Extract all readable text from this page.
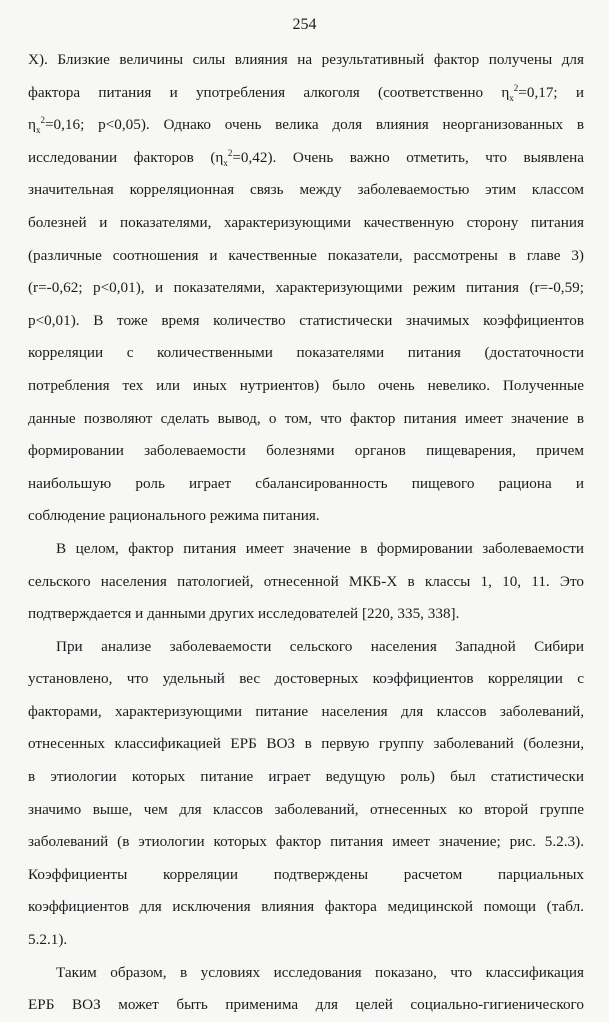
254
X). Близкие величины силы влияния на результативный фактор получены для
фактора питания и употребления алкоголя (соответственно $\eta_x^2=0,17$; и
$\eta_x^2=0,16$; p<0,05). Однако очень велика доля влияния неорганизованных в
исследовании факторов $(\eta_x^2=0,42)$. Очень важно отметить, что выявлена
значительная корреляционная связь между заболеваемостью этим классом
болезней и показателями, характеризующими качественную сторону питания
(различные соотношения и качественные показатели, рассмотрены в главе 3)
(r=-0,62; p<0,01), и показателями, характеризующими режим питания (r=-0,59;
p<0,01). В тоже время количество статистически значимых коэффициентов
корреляции с количественными показателями питания (достаточности
потребления тех или иных нутриентов) было очень невелико. Полученные
данные позволяют сделать вывод, о том, что фактор питания имеет значение в
формировании заболеваемости болезнями органов пищеварения, причем
наибольшую роль играет сбалансированность пищевого рациона и
соблюдение рационального режима питания.
В целом, фактор питания имеет значение в формировании заболеваемости
сельского населения патологией, отнесенной МКБ-Х в классы 1, 10, 11. Это
подтверждается и данными других исследователей [220, 335, 338].
При анализе заболеваемости сельского населения Западной Сибири
установлено, что удельный вес достоверных коэффициентов корреляции с
факторами, характеризующими питание населения для классов заболеваний,
отнесенных классификацией ЕРБ ВОЗ в первую группу заболеваний (болезни,
в этиологии которых питание играет ведущую роль) был статистически
значимо выше, чем для классов заболеваний, отнесенных ко второй группе
заболеваний (в этиологии которых фактор питания имеет значение; рис. 5.2.3).
Коэффициенты корреляции подтверждены расчетом парциальных
коэффициентов для исключения влияния фактора медицинской помощи (табл.
5.2.1).
Таким образом, в условиях исследования показано, что классификация
ЕРБ ВОЗ может быть применима для целей социально-гигиенического
